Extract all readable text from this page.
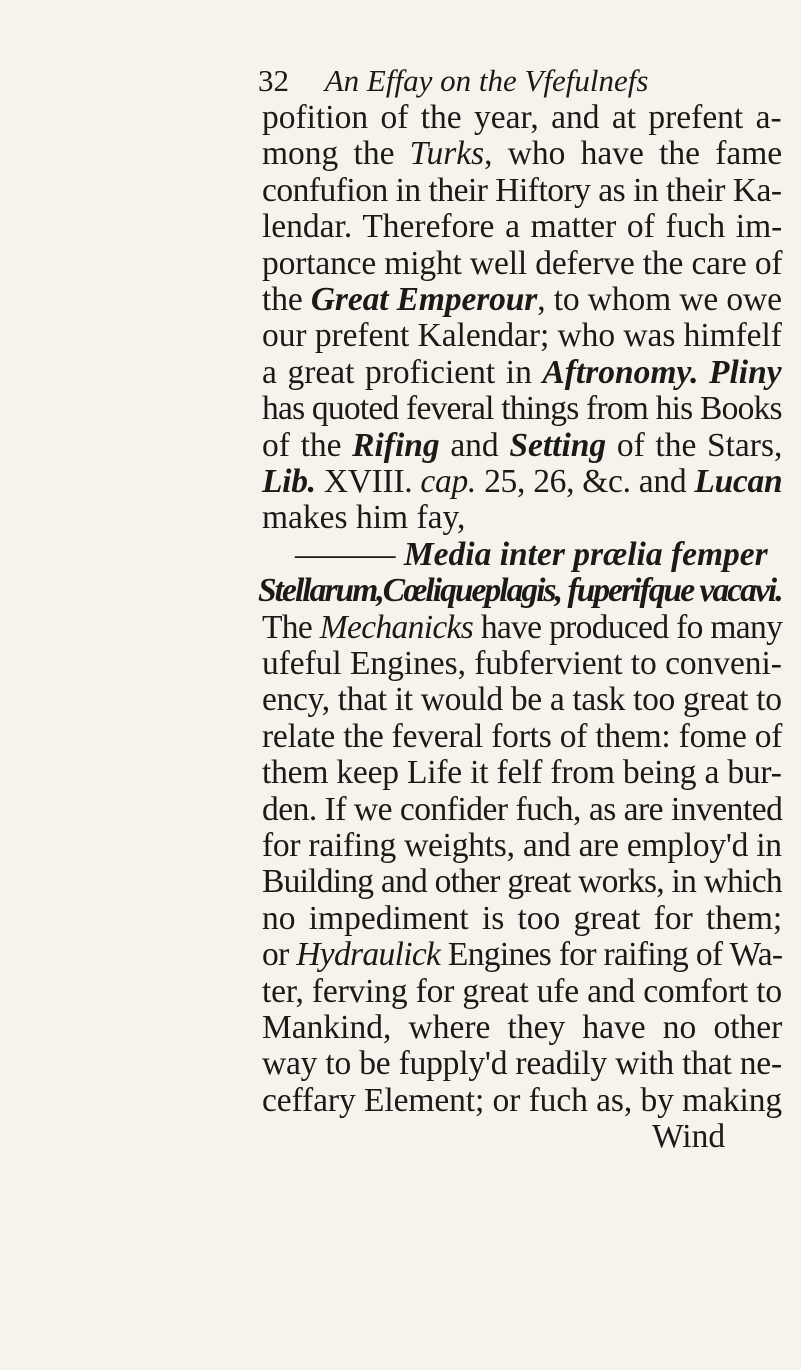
32 An Effay on the Vfefulnefs
pofition of the year, and at prefent a-
mong the Turks, who have the fame
confufion in their Hiftory as in their Ka-
lendar. Therefore a matter of fuch im-
portance might well deferve the care of
the Great Emperour, to whom we owe
our prefent Kalendar; who was himfelf
a great proficient in Aftronomy. Pliny
has quoted feveral things from his Books
of the Rifing and Setting of the Stars,
Lib. XVIII. cap. 25, 26, &c. and Lucan
makes him fay,
——— Media inter prælia femper
Stellarum,Cœliqueplagis, fuperifque vacavi.
The Mechanicks have produced fo many
ufeful Engines, fubfervient to conveni-
ency, that it would be a task too great to
relate the feveral forts of them: fome of
them keep Life it felf from being a bur-
den. If we confider fuch, as are invented
for raifing weights, and are employ'd in
Building and other great works, in which
no impediment is too great for them;
or Hydraulick Engines for raifing of Wa-
ter, ferving for great ufe and comfort to
Mankind, where they have no other
way to be fupply'd readily with that ne-
ceffary Element; or fuch as, by making
Wind
